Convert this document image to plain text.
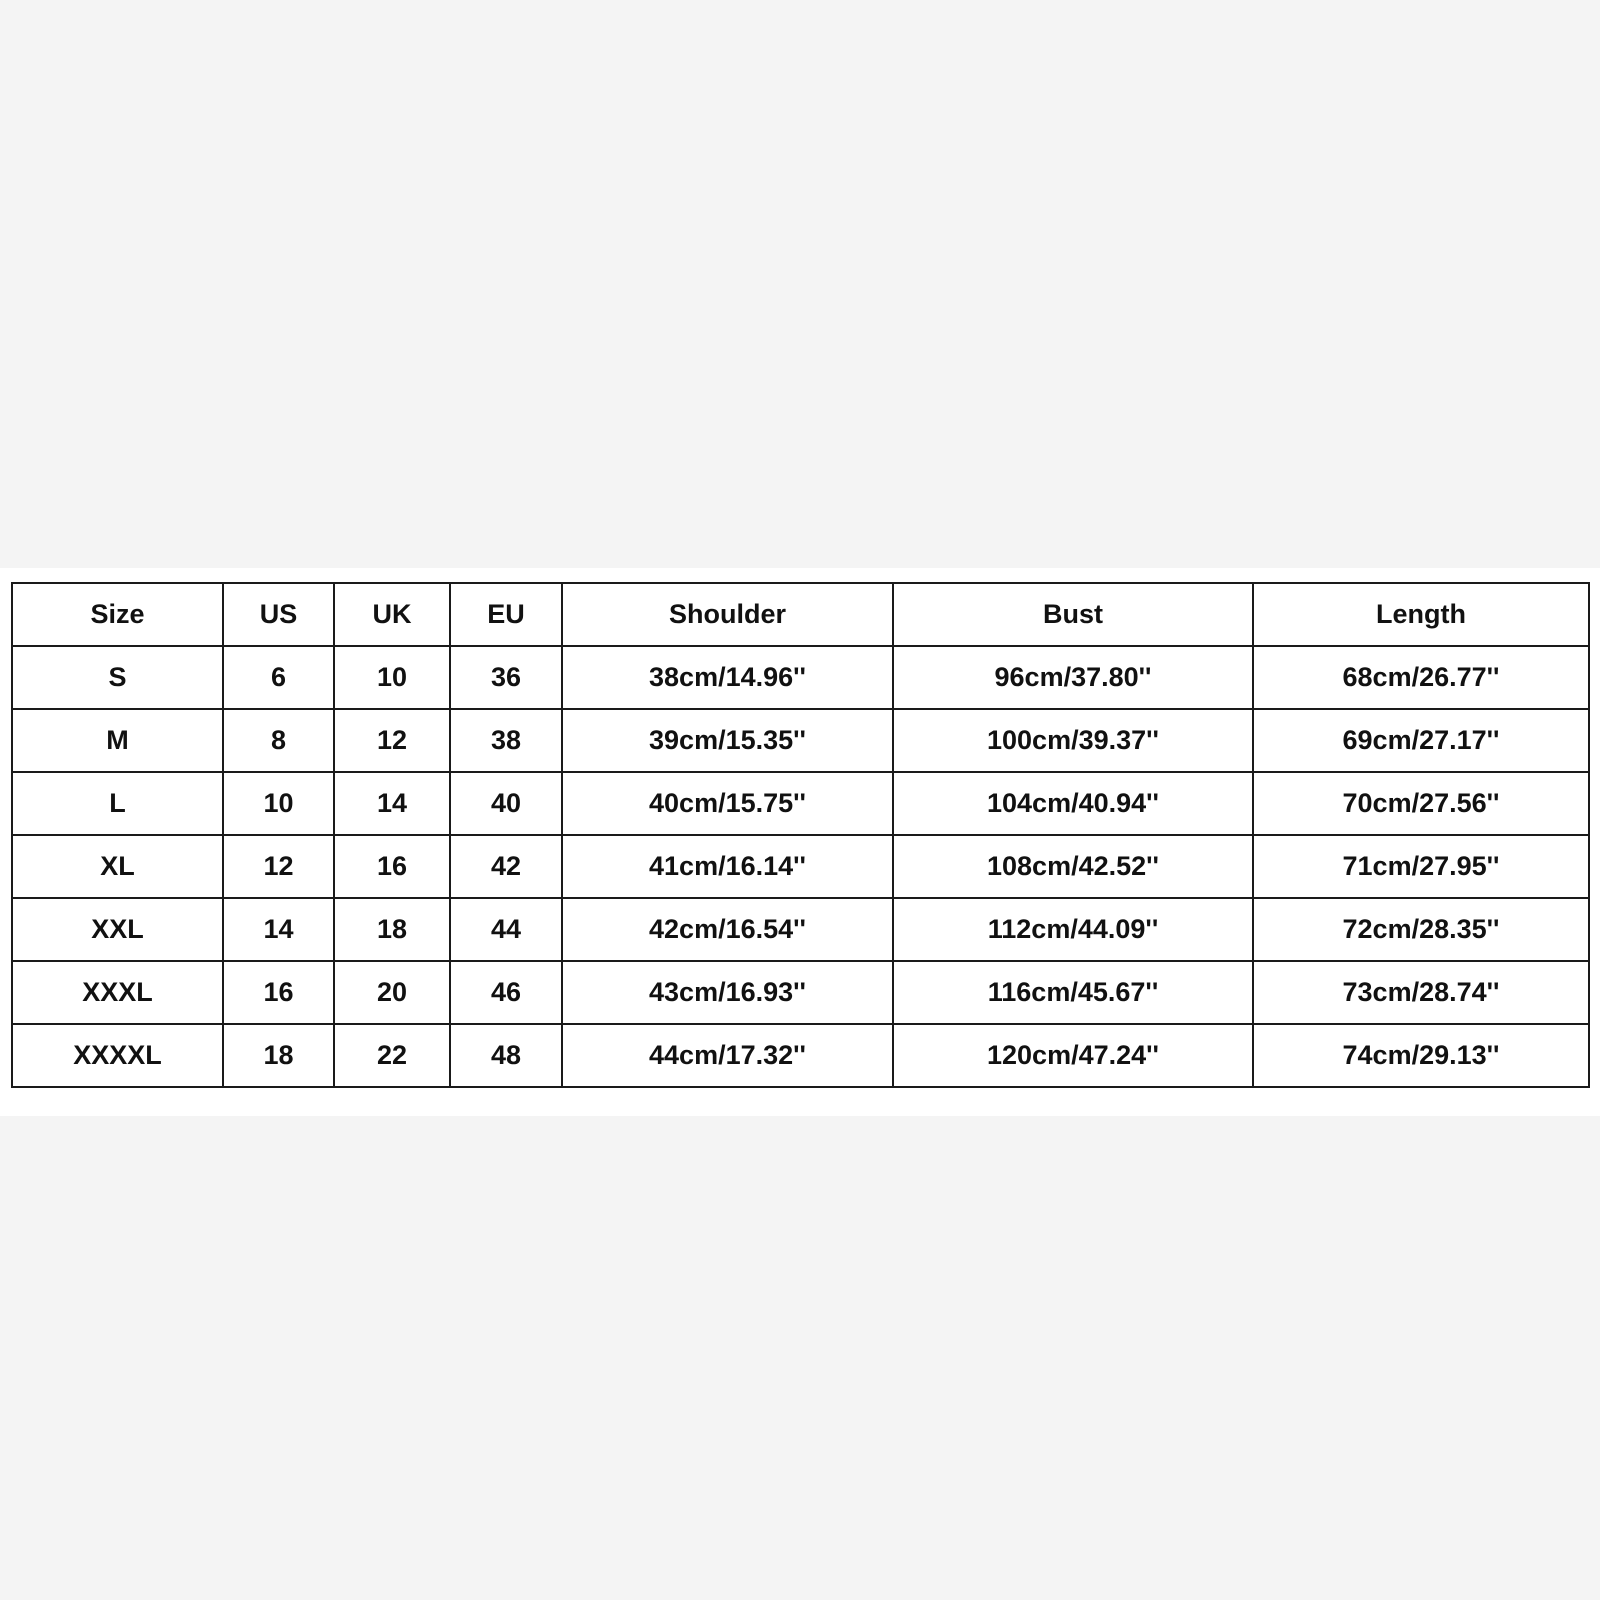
Size	US	UK	EU	Shoulder	Bust	Length
S	6	10	36	38cm/14.96''	96cm/37.80''	68cm/26.77''
M	8	12	38	39cm/15.35''	100cm/39.37''	69cm/27.17''
L	10	14	40	40cm/15.75''	104cm/40.94''	70cm/27.56''
XL	12	16	42	41cm/16.14''	108cm/42.52''	71cm/27.95''
XXL	14	18	44	42cm/16.54''	112cm/44.09''	72cm/28.35''
XXXL	16	20	46	43cm/16.93''	116cm/45.67''	73cm/28.74''
XXXXL	18	22	48	44cm/17.32''	120cm/47.24''	74cm/29.13''
